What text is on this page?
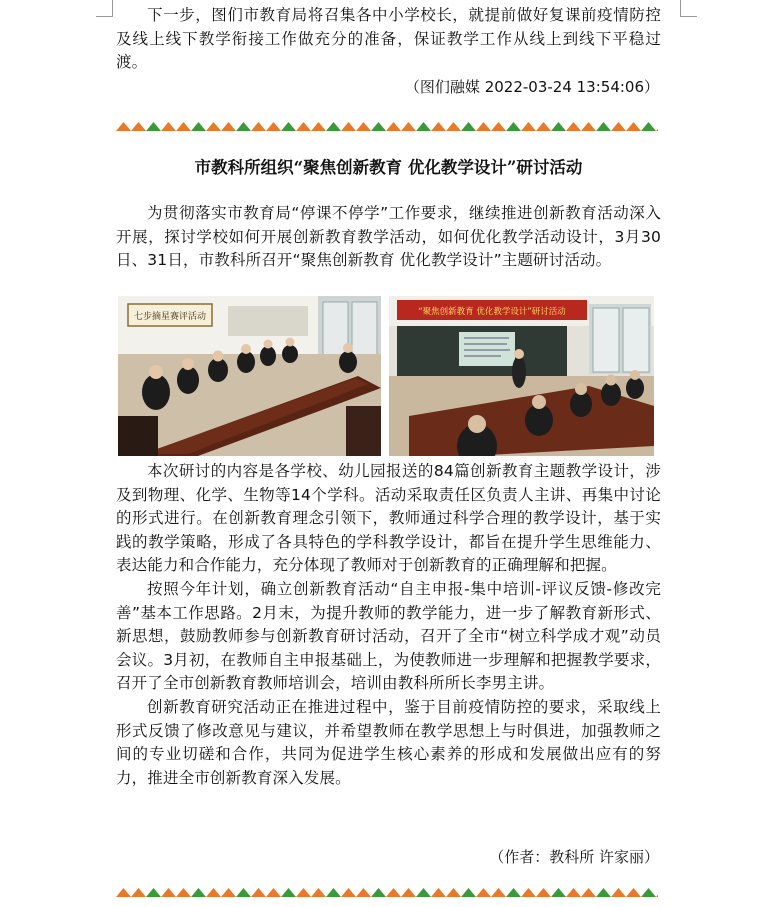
下一步，图们市教育局将召集各中小学校长，就提前做好复课前疫情防控及线上线下教学衔接工作做充分的准备，保证教学工作从线上到线下平稳过渡。

（图们融媒 2022-03-24 13:54:06）
市教科所组织“聚焦创新教育 优化教学设计”研讨活动

为贯彻落实市教育局“停课不停学”工作要求，继续推进创新教育活动深入开展，探讨学校如何开展创新教育教学活动，如何优化教学活动设计，3月30日、31日，市教科所召开“聚焦创新教育 优化教学设计”主题研讨活动。

七步摘星赛评活动	“聚焦创新教育 优化教学设计”研讨活动

本次研讨的内容是各学校、幼儿园报送的84篇创新教育主题教学设计，涉及到物理、化学、生物等14个学科。活动采取责任区负责人主讲、再集中讨论的形式进行。在创新教育理念引领下，教师通过科学合理的教学设计，基于实践的教学策略，形成了各具特色的学科教学设计，都旨在提升学生思维能力、表达能力和合作能力，充分体现了教师对于创新教育的正确理解和把握。

按照今年计划，确立创新教育活动“自主申报-集中培训-评议反馈-修改完善”基本工作思路。2月末，为提升教师的教学能力，进一步了解教育新形式、新思想，鼓励教师参与创新教育研讨活动，召开了全市“树立科学成才观”动员会议。3月初，在教师自主申报基础上，为使教师进一步理解和把握教学要求，召开了全市创新教育教师培训会，培训由教科所所长李男主讲。

创新教育研究活动正在推进过程中，鉴于目前疫情防控的要求，采取线上形式反馈了修改意见与建议，并希望教师在教学思想上与时俱进，加强教师之间的专业切磋和合作，共同为促进学生核心素养的形成和发展做出应有的努力，推进全市创新教育深入发展。

（作者：教科所 许家丽）
